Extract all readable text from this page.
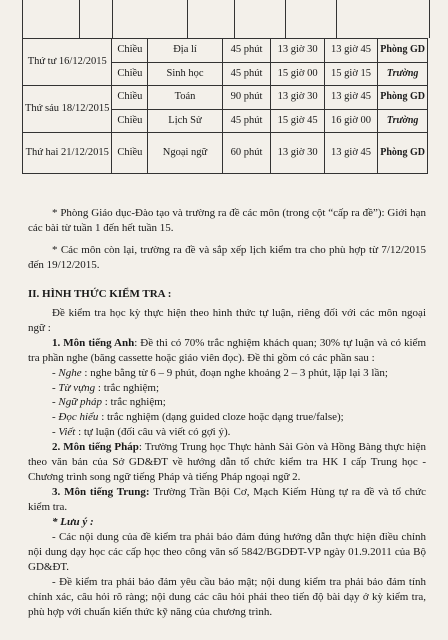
Thứ tư 16/12/2015	Chiều	Địa lí	45 phút	13 giờ 30	13 giờ 45	Phòng GD
	Chiều	Sinh học	45 phút	15 giờ 00	15 giờ 15	Trường
Thứ sáu 18/12/2015	Chiều	Toán	90 phút	13 giờ 30	13 giờ 45	Phòng GD
	Chiều	Lịch Sử	45 phút	15 giờ 45	16 giờ 00	Trường
Thứ hai 21/12/2015	Chiều	Ngoại ngữ	60 phút	13 giờ 30	13 giờ 45	Phòng GD

* Phòng Giáo dục-Đào tạo và trường ra đề các môn (trong cột “cấp ra đề”): Giới hạn các bài từ tuần 1 đến hết tuần 15.

* Các môn còn lại, trường ra đề và sắp xếp lịch kiểm tra cho phù hợp từ 7/12/2015 đến 19/12/2015.

II. HÌNH THỨC KIỂM TRA :

Đề kiểm tra học kỳ thực hiện theo hình thức tự luận, riêng đối với các môn ngoại ngữ :

1. Môn tiếng Anh: Đề thi có 70% trắc nghiệm khách quan; 30% tự luận và có kiểm tra phần nghe (băng cassette hoặc giáo viên đọc). Đề thi gồm có các phần sau :

- Nghe : nghe bằng từ 6 – 9 phút, đoạn nghe khoảng 2 – 3 phút, lặp lại 3 lần;

- Từ vựng : trắc nghiệm;

- Ngữ pháp : trắc nghiệm;

- Đọc hiểu : trắc nghiệm (dạng guided cloze hoặc dạng true/false);

- Viết : tự luận (đối câu và viết có gợi ý).

2. Môn tiếng Pháp: Trường Trung học Thực hành Sài Gòn và Hồng Bàng thực hiện theo văn bản của Sở GD&ĐT về hướng dẫn tổ chức kiểm tra HK I cấp Trung học - Chương trình song ngữ tiếng Pháp và tiếng Pháp ngoại ngữ 2.

3. Môn tiếng Trung: Trường Trần Bội Cơ, Mạch Kiếm Hùng tự ra đề và tổ chức kiểm tra.

* Lưu ý :

- Các nội dung của đề kiểm tra phải bảo đảm đúng hướng dẫn thực hiện điều chỉnh nội dung dạy học các cấp học theo công văn số 5842/BGDĐT-VP ngày 01.9.2011 của Bộ GD&ĐT.

- Đề kiểm tra phải bảo đảm yêu cầu bảo mật; nội dung kiểm tra phải bảo đảm tính chính xác, câu hỏi rõ ràng; nội dung các câu hỏi phải theo tiến độ bài dạy ở kỳ kiểm tra, phù hợp với chuẩn kiến thức kỹ năng của chương trình.
